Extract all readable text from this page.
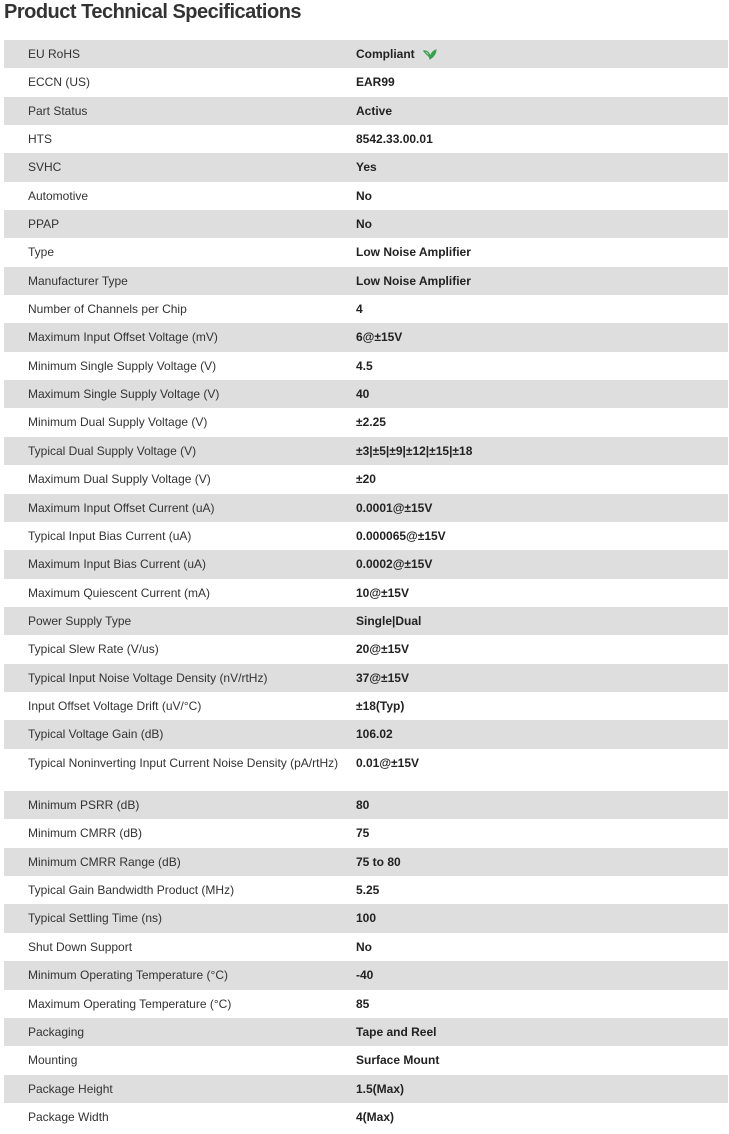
Product Technical Specifications
EU RoHS	Compliant
ECCN (US)	EAR99
Part Status	Active
HTS	8542.33.00.01
SVHC	Yes
Automotive	No
PPAP	No
Type	Low Noise Amplifier
Manufacturer Type	Low Noise Amplifier
Number of Channels per Chip	4
Maximum Input Offset Voltage (mV)	6@±15V
Minimum Single Supply Voltage (V)	4.5
Maximum Single Supply Voltage (V)	40
Minimum Dual Supply Voltage (V)	±2.25
Typical Dual Supply Voltage (V)	±3|±5|±9|±12|±15|±18
Maximum Dual Supply Voltage (V)	±20
Maximum Input Offset Current (uA)	0.0001@±15V
Typical Input Bias Current (uA)	0.000065@±15V
Maximum Input Bias Current (uA)	0.0002@±15V
Maximum Quiescent Current (mA)	10@±15V
Power Supply Type	Single|Dual
Typical Slew Rate (V/us)	20@±15V
Typical Input Noise Voltage Density (nV/rtHz)	37@±15V
Input Offset Voltage Drift (uV/°C)	±18(Typ)
Typical Voltage Gain (dB)	106.02
Typical Noninverting Input Current Noise Density (pA/rtHz)	0.01@±15V
Minimum PSRR (dB)	80
Minimum CMRR (dB)	75
Minimum CMRR Range (dB)	75 to 80
Typical Gain Bandwidth Product (MHz)	5.25
Typical Settling Time (ns)	100
Shut Down Support	No
Minimum Operating Temperature (°C)	-40
Maximum Operating Temperature (°C)	85
Packaging	Tape and Reel
Mounting	Surface Mount
Package Height	1.5(Max)
Package Width	4(Max)
